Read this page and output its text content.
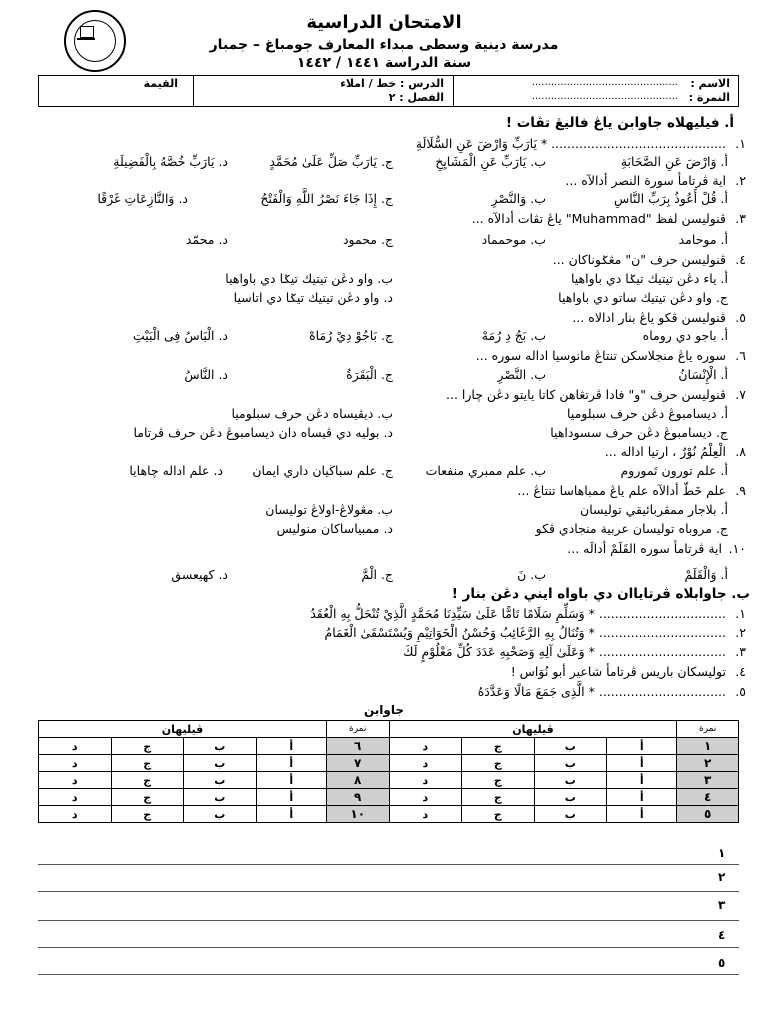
الامتحان الدراسية
مدرسة دينية وسطى مبداء المعارف جومباغ – جمبار
سنة الدراسة ١٤٤١ / ١٤٤٢
الاسم :
..............................................
النمرة :
..............................................
الدرس : خط / املاء
الفصل : ٢
القيمة
أ. فيليهلاه جاوابن ياڠ فاليڠ تڤات !
١.
............................................ * يَارَبِّ وَارْضَ عَنِ السُّلَالَةِ
أ. وَارْضَ عَنِ الصَّحَابَةِ
ب. يَارَبِّ عَنِ الْمَشَايِخِ
ج. يَارَبِّ صَلِّ عَلَىٰ مُحَمَّدٍ
د. يَارَبِّ خُصَّهُ بِالْفَضِيلَةِ
٢.
اية ڤرتامأ سورة النصر أدالآه ...
أ. قُلْ أَعُوذُ بِرَبِّ النَّاسِ
ب. وَالنَّصْرِ
ج. إِذَا جَاءَ نَصْرُ اللَّهِ وَالْفَتْحُ
د. وَالنَّازِعَاتِ غَرْقًا
٣.
ڤنوليسن لفظ "Muhammad" ياڠ تڤات أدالآه ...
أ. موحامد
ب. موحمماد
ج. محمود
د. محمّد
٤.
ڤنوليسن حرف "ن" مڠݢوناكان ...
أ. ياء دڠن تيتيك تيݢا دي باواهيا
ب. واو دڠن تيتيك تيݢا دي باواهيا
ج. واو دڠن تيتيك ساتو دي باواهيا
د. واو دڠن تيتيك تيݢا دي اتاسيا
٥.
ڤنوليسن ڤكو ياڠ بنار ادالاه ...
أ. باجو دي روماه
ب. بَجُ دِ رُمَهْ
ج. بَاجُوْ دِيْ رُمَاهْ
د. الْبَاسُ فِى الْبَيْتِ
٦.
سوره ياڠ منجلاسكن تنتاڠ مانوسيا اداله سوره ...
أ. الْإِنْسَانُ
ب. النَّصْرِ
ج. الْبَقَرَةُ
د. النَّاسُ
٧.
ڤنوليسن حرف "و" فادا ڤرتڠاهن كاتا يايتو دڠن چارا ...
أ. ديسامبوڠ دڠن حرف سبلوميا
ب. ديڤيساه دڠن حرف سبلوميا
ج. ديسامبوڠ دڠن حرف سسوداهيا
د. بوليه دي ڤيساه دان ديسامبوڠ دڠن حرف ڤرتاما
٨.
الْعِلْمُ نُوْرٌ ، ارتيا اداله ...
أ. علم تورون تَموروم
ب. علم ممبري منفعات
ج. علم سباڬيان داري ايمان
د. علم اداله چاهايا
٩.
علم خَطّ أدالآه علم ياڠ ممباهاسا تنتاڠ ...
أ. بلاجار ممڤربائيقي توليسان
ب. مڠولاڠ-اولاڠ توليسان
ج. مروباه توليسان عربية منجادي ڤكو
د. ممبياساكان منوليس
١٠.
اية ڤرتامأ سوره القَلَمْ أدالَه ...
أ. وَالْقَلَمْ
ب. نَ
ج. الْمَّ
د. كهيعسق
ب. جاوابلاه ڤرتاياان دي باواه ايني دڠن بنار !
١.
................................ * وَسَلِّمِ سَلَامًا تَامًّا عَلَىٰ سَيِّدِنَا مُحَمَّدٍ الَّذِيْ تُنْحَلُّ بِهِ الْعُقَدُ
٢.
................................ * وَتُنَالُ بِهِ الرَّغَائِبُ وَحُسْنُ الْخَوَاتِيْمِ وَيُسْتَسْقَىٰ الْغَمَامُ
٣.
................................ * وَعَلَىٰ آلِهِ وَصَحْبِهِ عَدَدَ كُلِّ مَعْلُوْمٍ لَكَ
٤.
توليسكان باريس ڤرتامأ شاعير أبو نُوَاس !
٥.
................................ * الَّذِى جَمَعَ مَالًا وَعَدَّدَهُ
جاوابن
ڤيليهان				نمرة	ڤيليهان				نمرة
د	ج	ب	أ	٦	د	ج	ب	أ	١
د	ج	ب	أ	٧	د	ج	ب	أ	٢
د	ج	ب	أ	٨	د	ج	ب	أ	٣
د	ج	ب	أ	٩	د	ج	ب	أ	٤
د	ج	ب	أ	١٠	د	ج	ب	أ	٥
١
٢
٣
٤
٥
